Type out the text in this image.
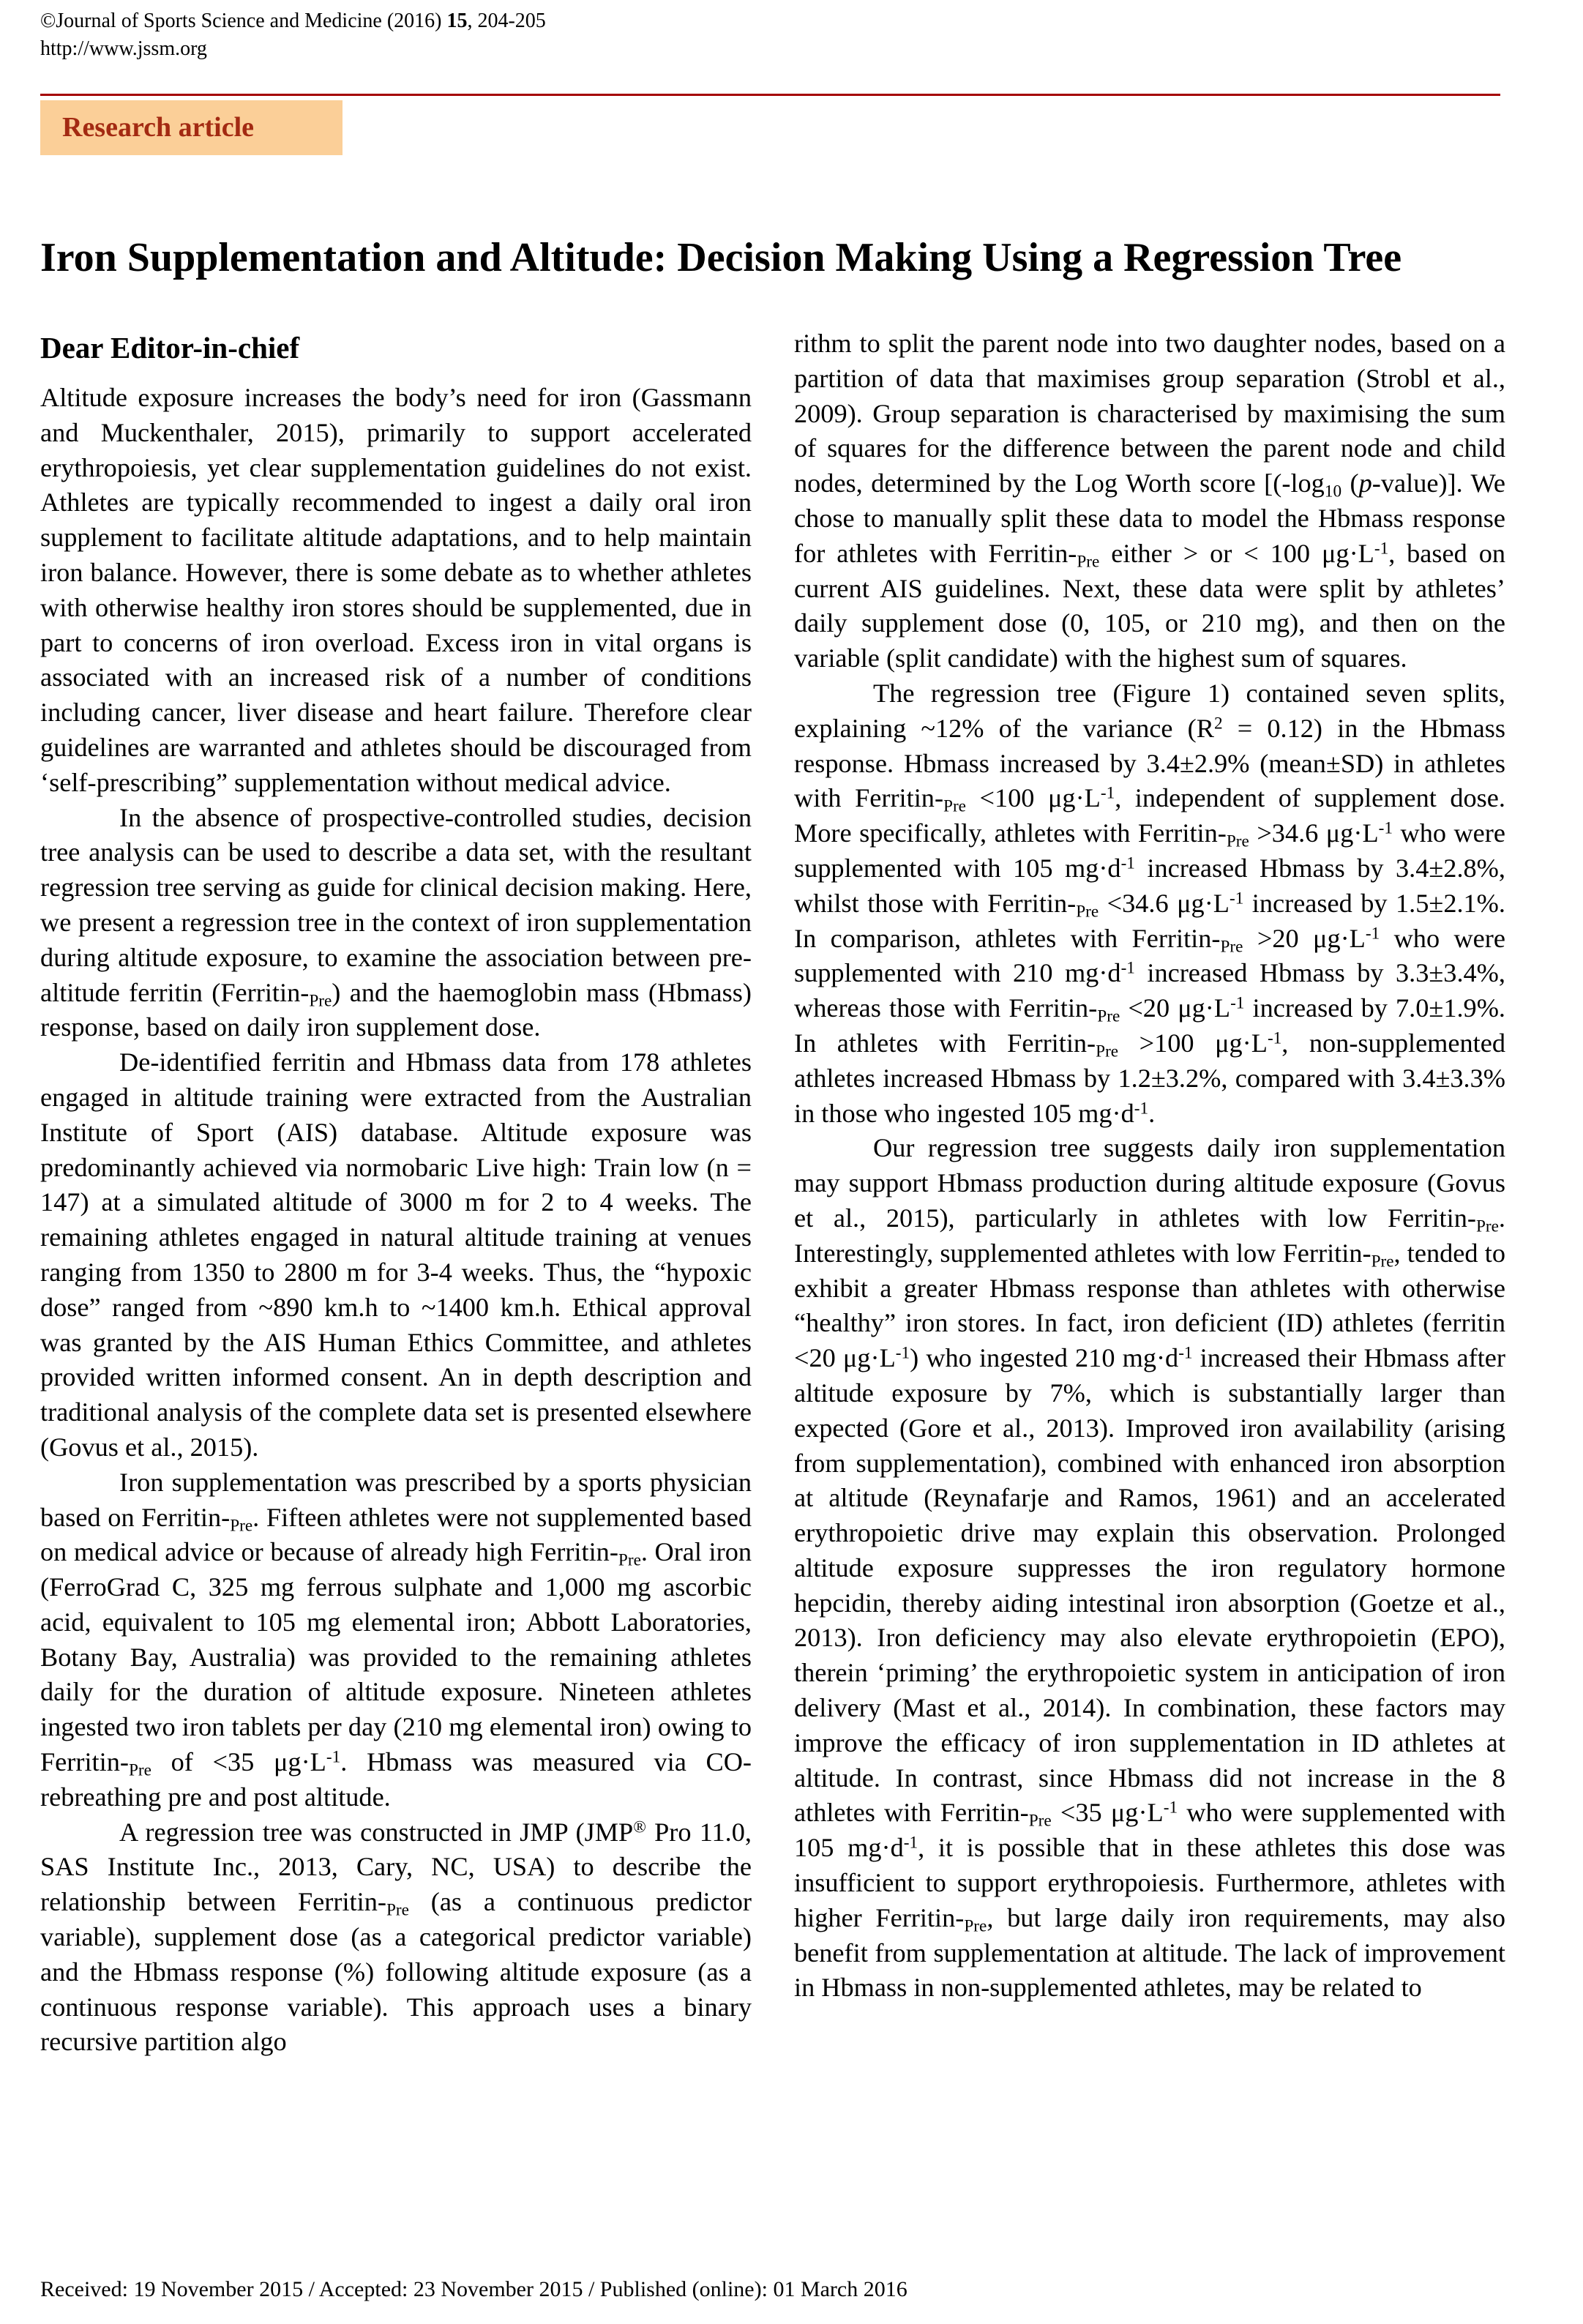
©Journal of Sports Science and Medicine (2016) 15, 204-205
http://www.jssm.org
Research article
Iron Supplementation and Altitude: Decision Making Using a Regression Tree
Dear Editor-in-chief

Altitude exposure increases the body’s need for iron (Gassmann and Muckenthaler, 2015), primarily to support accelerated erythropoiesis, yet clear supplementation guidelines do not exist. Athletes are typically recommended to ingest a daily oral iron supplement to facilitate altitude adaptations, and to help maintain iron balance. However, there is some debate as to whether athletes with otherwise healthy iron stores should be supplemented, due in part to concerns of iron overload. Excess iron in vital organs is associated with an increased risk of a number of conditions including cancer, liver disease and heart failure. Therefore clear guidelines are warranted and athletes should be discouraged from ‘self-prescribing” supplementation without medical advice.

In the absence of prospective-controlled studies, decision tree analysis can be used to describe a data set, with the resultant regression tree serving as guide for clinical decision making. Here, we present a regression tree in the context of iron supplementation during altitude exposure, to examine the association between pre-altitude ferritin $(Ferritin-_{Pre})$ and the haemoglobin mass (Hbmass) response, based on daily iron supplement dose.

De-identified ferritin and Hbmass data from 178 athletes engaged in altitude training were extracted from the Australian Institute of Sport (AIS) database. Altitude exposure was predominantly achieved via normobaric Live high: Train low (n = 147) at a simulated altitude of 3000 m for 2 to 4 weeks. The remaining athletes engaged in natural altitude training at venues ranging from 1350 to 2800 m for 3-4 weeks. Thus, the “hypoxic dose” ranged from ~890 km.h to ~1400 km.h. Ethical approval was granted by the AIS Human Ethics Committee, and athletes provided written informed consent. An in depth description and traditional analysis of the complete data set is presented elsewhere (Govus et al., 2015).

Iron supplementation was prescribed by a sports physician based on Ferritin-$_{Pre}$. Fifteen athletes were not supplemented based on medical advice or because of already high Ferritin-$_{Pre}$. Oral iron (FerroGrad C, 325 mg ferrous sulphate and 1,000 mg ascorbic acid, equivalent to 105 mg elemental iron; Abbott Laboratories, Botany Bay, Australia) was provided to the remaining athletes daily for the duration of altitude exposure. Nineteen athletes ingested two iron tablets per day (210 mg elemental iron) owing to Ferritin-$_{Pre}$ of <35 $\mu g\cdot L^{-1}$. Hbmass was measured via CO-rebreathing pre and post altitude.

A regression tree was constructed in JMP (JMP® Pro 11.0, SAS Institute Inc., 2013, Cary, NC, USA) to describe the relationship between Ferritin-$_{Pre}$ (as a continuous predictor variable), supplement dose (as a categorical predictor variable) and the Hbmass response (%) following altitude exposure (as a continuous response variable). This approach uses a binary recursive partition algo

rithm to split the parent node into two daughter nodes, based on a partition of data that maximises group separation (Strobl et al., 2009). Group separation is characterised by maximising the sum of squares for the difference between the parent node and child nodes, determined by the Log Worth score [($-\log_{10}$ (p-value)]. We chose to manually split these data to model the Hbmass response for athletes with Ferritin-$_{Pre}$ either > or < 100 $\mu g\cdot L^{-1}$, based on current AIS guidelines. Next, these data were split by athletes’ daily supplement dose (0, 105, or 210 mg), and then on the variable (split candidate) with the highest sum of squares.

The regression tree (Figure 1) contained seven splits, explaining ~12% of the variance $(R^2 = 0.12)$ in the Hbmass response. Hbmass increased by 3.4±2.9% (mean±SD) in athletes with Ferritin-$_{Pre} <100$ $\mu g\cdot L^{-1}$, independent of supplement dose. More specifically, athletes with Ferritin-$_{Pre} >34.6$ $\mu g\cdot L^{-1}$ who were supplemented with 105 $mg\cdot d^{-1}$ increased Hbmass by 3.4±2.8%, whilst those with Ferritin-$_{Pre} <34.6$ $\mu g\cdot L^{-1}$ increased by 1.5±2.1%. In comparison, athletes with Ferritin-$_{Pre} >20$ $\mu g\cdot L^{-1}$ who were supplemented with 210 $mg\cdot d^{-1}$ increased Hbmass by 3.3±3.4%, whereas those with Ferritin-$_{Pre} <20$ $\mu g\cdot L^{-1}$ increased by 7.0±1.9%. In athletes with Ferritin-$_{Pre} >100$ $\mu g\cdot L^{-1}$, non-supplemented athletes increased Hbmass by 1.2±3.2%, compared with 3.4±3.3% in those who ingested 105 $mg\cdot d^{-1}$.

Our regression tree suggests daily iron supplementation may support Hbmass production during altitude exposure (Govus et al., 2015), particularly in athletes with low Ferritin-$_{Pre}$. Interestingly, supplemented athletes with low Ferritin-$_{Pre}$, tended to exhibit a greater Hbmass response than athletes with otherwise “healthy” iron stores. In fact, iron deficient (ID) athletes (ferritin <20 $\mu g\cdot L^{-1}$) who ingested 210 $mg\cdot d^{-1}$ increased their Hbmass after altitude exposure by 7%, which is substantially larger than expected (Gore et al., 2013). Improved iron availability (arising from supplementation), combined with enhanced iron absorption at altitude (Reynafarje and Ramos, 1961) and an accelerated erythropoietic drive may explain this observation. Prolonged altitude exposure suppresses the iron regulatory hormone hepcidin, thereby aiding intestinal iron absorption (Goetze et al., 2013). Iron deficiency may also elevate erythropoietin (EPO), therein ‘priming’ the erythropoietic system in anticipation of iron delivery (Mast et al., 2014). In combination, these factors may improve the efficacy of iron supplementation in ID athletes at altitude. In contrast, since Hbmass did not increase in the 8 athletes with Ferritin-$_{Pre} <35$ $\mu g\cdot L^{-1}$ who were supplemented with 105 $mg\cdot d^{-1}$, it is possible that in these athletes this dose was insufficient to support erythropoiesis. Furthermore, athletes with higher Ferritin-$_{Pre}$, but large daily iron requirements, may also benefit from supplementation at altitude. The lack of improvement in Hbmass in non-supplemented athletes, may be related to

Received: 19 November 2015 / Accepted: 23 November 2015 / Published (online): 01 March 2016
